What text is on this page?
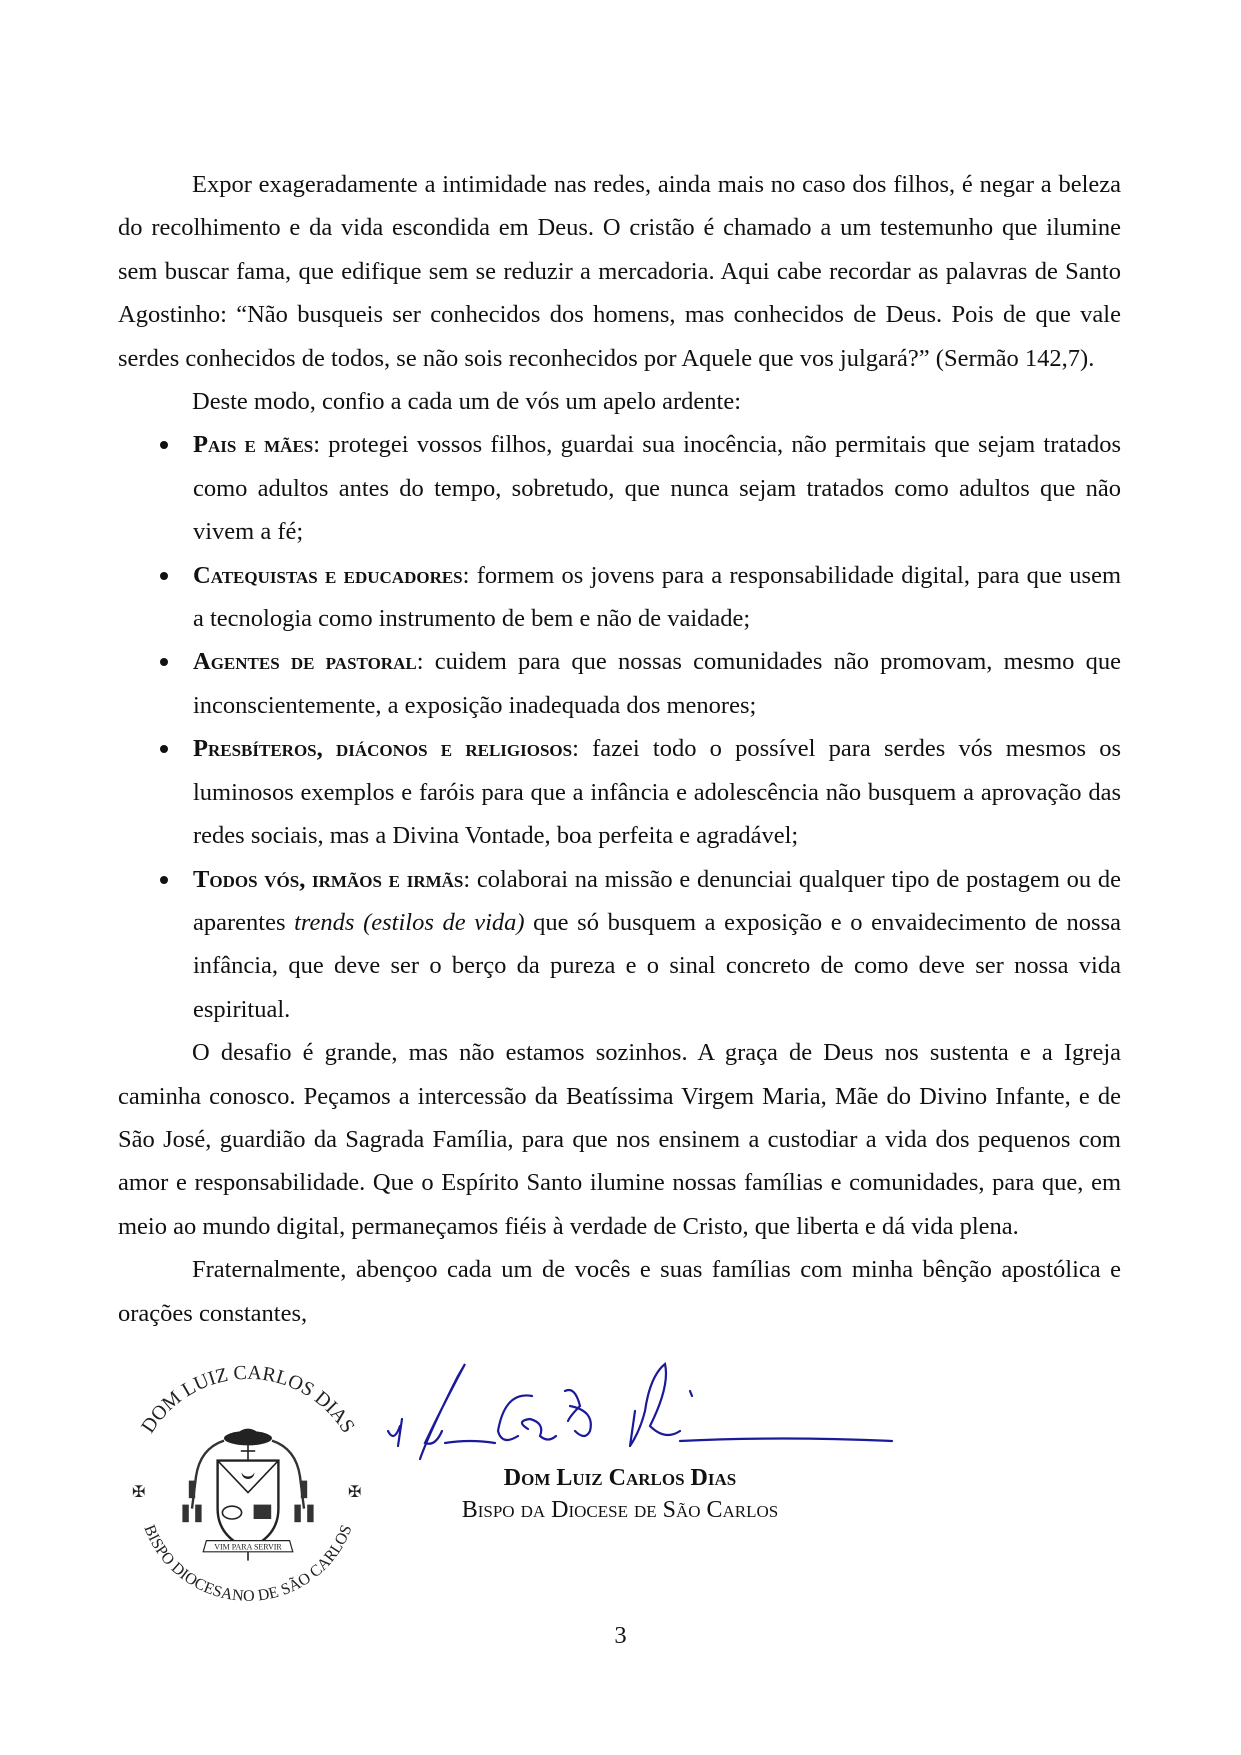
Expor exageradamente a intimidade nas redes, ainda mais no caso dos filhos, é negar a beleza do recolhimento e da vida escondida em Deus. O cristão é chamado a um testemunho que ilumine sem buscar fama, que edifique sem se reduzir a mercadoria. Aqui cabe recordar as palavras de Santo Agostinho: “Não busqueis ser conhecidos dos homens, mas conhecidos de Deus. Pois de que vale serdes conhecidos de todos, se não sois reconhecidos por Aquele que vos julgará?” (Sermão 142,7).

Deste modo, confio a cada um de vós um apelo ardente:

Pais e mães: protegei vossos filhos, guardai sua inocência, não permitais que sejam tratados como adultos antes do tempo, sobretudo, que nunca sejam tratados como adultos que não vivem a fé;
Catequistas e educadores: formem os jovens para a responsabilidade digital, para que usem a tecnologia como instrumento de bem e não de vaidade;
Agentes de pastoral: cuidem para que nossas comunidades não promovam, mesmo que inconscientemente, a exposição inadequada dos menores;
Presbíteros, diáconos e religiosos: fazei todo o possível para serdes vós mesmos os luminosos exemplos e faróis para que a infância e adolescência não busquem a aprovação das redes sociais, mas a Divina Vontade, boa perfeita e agradável;
Todos vós, irmãos e irmãs: colaborai na missão e denunciai qualquer tipo de postagem ou de aparentes trends (estilos de vida) que só busquem a exposição e o envaidecimento de nossa infância, que deve ser o berço da pureza e o sinal concreto de como deve ser nossa vida espiritual.

O desafio é grande, mas não estamos sozinhos. A graça de Deus nos sustenta e a Igreja caminha conosco. Peçamos a intercessão da Beatíssima Virgem Maria, Mãe do Divino Infante, e de São José, guardião da Sagrada Família, para que nos ensinem a custodiar a vida dos pequenos com amor e responsabilidade. Que o Espírito Santo ilumine nossas famílias e comunidades, para que, em meio ao mundo digital, permaneçamos fiéis à verdade de Cristo, que liberta e dá vida plena.

Fraternalmente, abençoo cada um de vocês e suas famílias com minha bênção apostólica e orações constantes,

VIM PARA SERVIR
✠	✠
DOM LUIZ CARLOS DIAS
BISPO DIOCESANO DE SÃO CARLOS
Dom Luiz Carlos Dias
Bispo da Diocese de São Carlos
3
